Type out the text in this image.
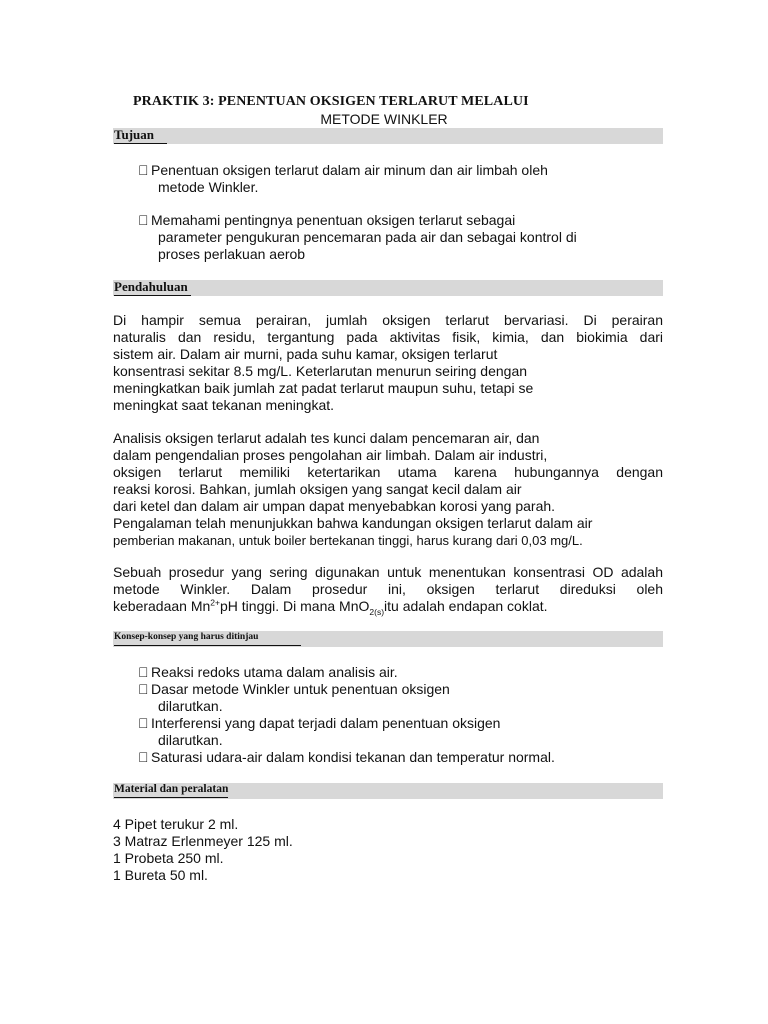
PRAKTIK 3: PENENTUAN OKSIGEN TERLARUT MELALUI
METODE WINKLER
Tujuan
Penentuan oksigen terlarut dalam air minum dan air limbah oleh
metode Winkler.
Memahami pentingnya penentuan oksigen terlarut sebagai
parameter pengukuran pencemaran pada air dan sebagai kontrol di
proses perlakuan aerob
Pendahuluan
Di hampir semua perairan, jumlah oksigen terlarut bervariasi. Di perairan
naturalis dan residu, tergantung pada aktivitas fisik, kimia, dan biokimia dari
sistem air. Dalam air murni, pada suhu kamar, oksigen terlarut
konsentrasi sekitar 8.5 mg/L. Keterlarutan menurun seiring dengan
meningkatkan baik jumlah zat padat terlarut maupun suhu, tetapi se
meningkat saat tekanan meningkat.
Analisis oksigen terlarut adalah tes kunci dalam pencemaran air, dan
dalam pengendalian proses pengolahan air limbah. Dalam air industri,
oksigen terlarut memiliki ketertarikan utama karena hubungannya dengan
reaksi korosi. Bahkan, jumlah oksigen yang sangat kecil dalam air
dari ketel dan dalam air umpan dapat menyebabkan korosi yang parah.
Pengalaman telah menunjukkan bahwa kandungan oksigen terlarut dalam air
pemberian makanan, untuk boiler bertekanan tinggi, harus kurang dari 0,03 mg/L.
Sebuah prosedur yang sering digunakan untuk menentukan konsentrasi OD adalah
metode Winkler. Dalam prosedur ini, oksigen terlarut direduksi oleh
keberadaan $Mn^{2+}pH$ tinggi. Di mana MnO$_{2(s)}$itu adalah endapan coklat.
Konsep-konsep yang harus ditinjau
Reaksi redoks utama dalam analisis air.
Dasar metode Winkler untuk penentuan oksigen
dilarutkan.
Interferensi yang dapat terjadi dalam penentuan oksigen
dilarutkan.
Saturasi udara-air dalam kondisi tekanan dan temperatur normal.
Material dan peralatan
4 Pipet terukur 2 ml.
3 Matraz Erlenmeyer 125 ml.
1 Probeta 250 ml.
1 Bureta 50 ml.
